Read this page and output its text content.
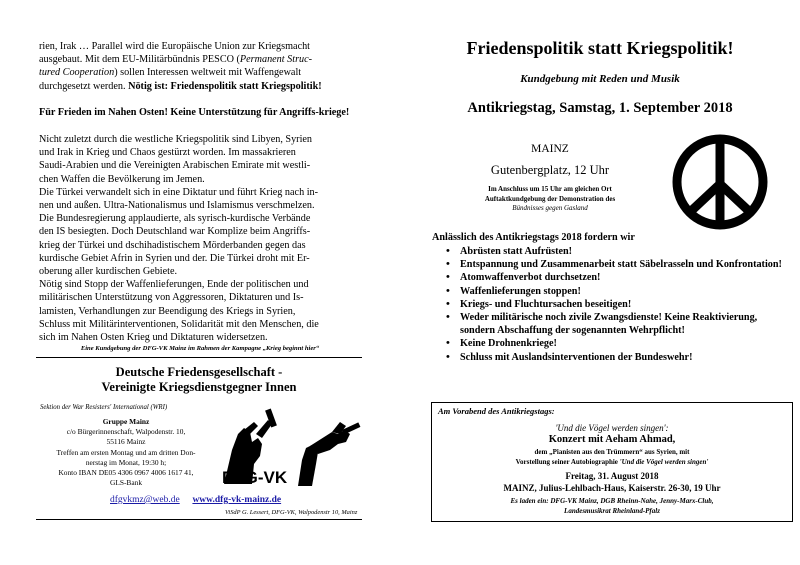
rien, Irak … Parallel wird die Europäische Union zur Kriegsmacht
ausgebaut. Mit dem EU-Militärbündnis PESCO (Permanent Struc-
tured Cooperation) sollen Interessen weltweit mit Waffengewalt
durchgesetzt werden. Nötig ist: Friedenspolitik statt Kriegspolitik!
Für Frieden im Nahen Osten! Keine Unterstützung für Angriffs-kriege!
Nicht zuletzt durch die westliche Kriegspolitik sind Libyen, Syrien
und Irak in Krieg und Chaos gestürzt worden. Im massakrieren
Saudi-Arabien und die Vereinigten Arabischen Emirate mit westli-
chen Waffen die Bevölkerung im Jemen.
Die Türkei verwandelt sich in eine Diktatur und führt Krieg nach in-
nen und außen. Ultra-Nationalismus und Islamismus verschmelzen.
Die Bundesregierung applaudierte, als syrisch-kurdische Verbände
den IS besiegten. Doch Deutschland war Komplize beim Angriffs-
krieg der Türkei und dschihadistischem Mörderbanden gegen das
kurdische Gebiet Afrin in Syrien und der. Die Türkei droht mit Er-
oberung aller kurdischen Gebiete.
Nötig sind Stopp der Waffenlieferungen, Ende der politischen und
militärischen Unterstützung von Aggressoren, Diktaturen und Is-
lamisten, Verhandlungen zur Beendigung des Kriegs in Syrien,
Schluss mit Militärinterventionen, Solidarität mit den Menschen, die
sich im Nahen Osten Krieg und Diktaturen widersetzen.
Eine Kundgebung der DFG-VK Mainz im Rahmen der Kampagne „Krieg beginnt hier“
Deutsche Friedensgesellschaft -
Vereinigte Kriegsdienstgegner Innen
Sektion der War Resisters' International (WRI)
Gruppe Mainz
c/o Bürgerinnenschaft, Walpodenstr. 10,
55116 Mainz
Treffen am ersten Montag und am dritten Don-
nerstag im Monat, 19:30 h;
Konto IBAN DE05 4306 0967 4006 1617 41,
GLS-Bank	DFG-VK
dfgvkmz@web.de www.dfg-vk-mainz.de
ViSdP G. Lessert, DFG-VK, Walpodenstr 10, Mainz
Friedenspolitik statt Kriegspolitik!
Kundgebung mit Reden und Musik
Antikriegstag, Samstag, 1. September 2018
MAINZ
Gutenbergplatz, 12 Uhr
Im Anschluss um 15 Uhr am gleichen Ort
Auftaktkundgebung der Demonstration des
Bündnisses gegen Gasland
Anlässlich des Antikriegstags 2018 fordern wir
• Abrüsten statt Aufrüsten!
• Entspannung und Zusammenarbeit statt Säbelrasseln und Konfrontation!
• Atomwaffenverbot durchsetzen!
• Waffenlieferungen stoppen!
• Kriegs- und Fluchtursachen beseitigen!
• Weder militärische noch zivile Zwangsdienste! Keine Reaktivierung, sondern Abschaffung der sogenannten Wehrpflicht!
• Keine Drohnenkriege!
• Schluss mit Auslandsinterventionen der Bundeswehr!
Am Vorabend des Antikriegstags:
'Und die Vögel werden singen':
Konzert mit Aeham Ahmad,
dem „Pianisten aus den Trümmern“ aus Syrien, mit
Vorstellung seiner Autobiographie 'Und die Vögel werden singen'
Freitag, 31. August 2018
MAINZ, Julius-Lehlbach-Haus, Kaiserstr. 26-30, 19 Uhr
Es laden ein: DFG-VK Mainz, DGB Rheinn-Nahe, Jenny-Marx-Club,
Landesmusikrat Rheinland-Pfalz
